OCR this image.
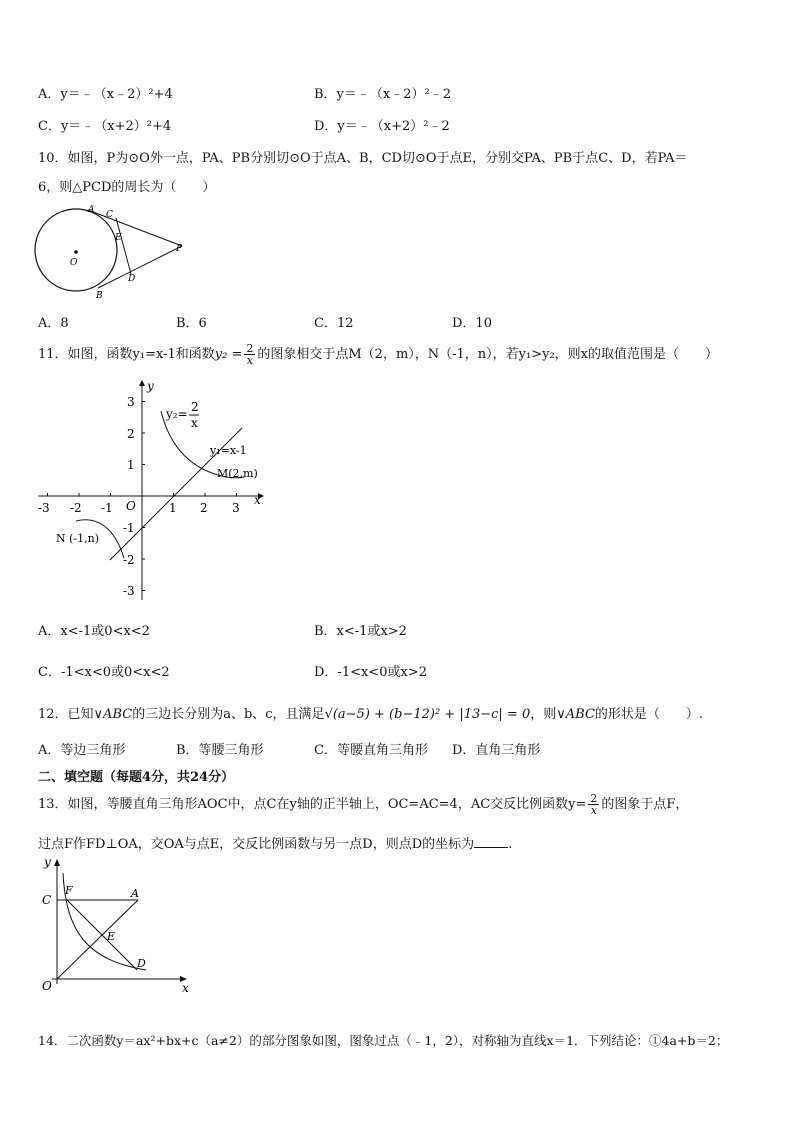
A．y＝﹣（x﹣2）²+4	B．y＝﹣（x﹣2）²﹣2
C．y＝﹣（x+2）²+4	D．y＝﹣（x+2）²﹣2
10．如图，P为⊙O外一点，PA、PB分别切⊙O于点A、B，CD切⊙O于点E，分别交PA、PB于点C、D，若PA＝
6，则△PCD的周长为（　　）
A C
E
O
P
D
B
A．8	B．6	C．12	D．10
11．如图，函数y₁=x-1和函数$y_2 = \frac{2}{x}$ 的图象相交于点M（2，m），N（-1，n），若y₁>y₂，则x的取值范围是（　　）
y
x
O
-3 -2 -1	1 2 3
3
2
1
-1
-2
-3
y₂= 2
x
y₁=x-1
M(2,m)
N (-1,n)
A．x<-1或0<x<2	B．x<-1或x>2
C．-1<x<0或0<x<2	D．-1<x<0或x>2
12．已知∨ABC的三边长分别为a、b、c，且满足√(a−5) + (b−12)² + |13−c| = 0，则∨ABC的形状是（　　）.
A．等边三角形	B．等腰三角形	C．等腰直角三角形 D．直角三角形
二、填空题（每题4分，共24分）
13．如图，等腰直角三角形AOC中，点C在y轴的正半轴上，OC=AC=4，AC交反比例函数$y= \frac{2}{x}$ 的图象于点F，
过点F作FD⊥OA，交OA与点E，交反比例函数与另一点D，则点D的坐标为	.
y
F	A
C
E
D
O	x
14．二次函数y＝ax²+bx+c（a≠2）的部分图象如图，图象过点（﹣1，2），对称轴为直线x＝1．下列结论：①4a+b＝2；
